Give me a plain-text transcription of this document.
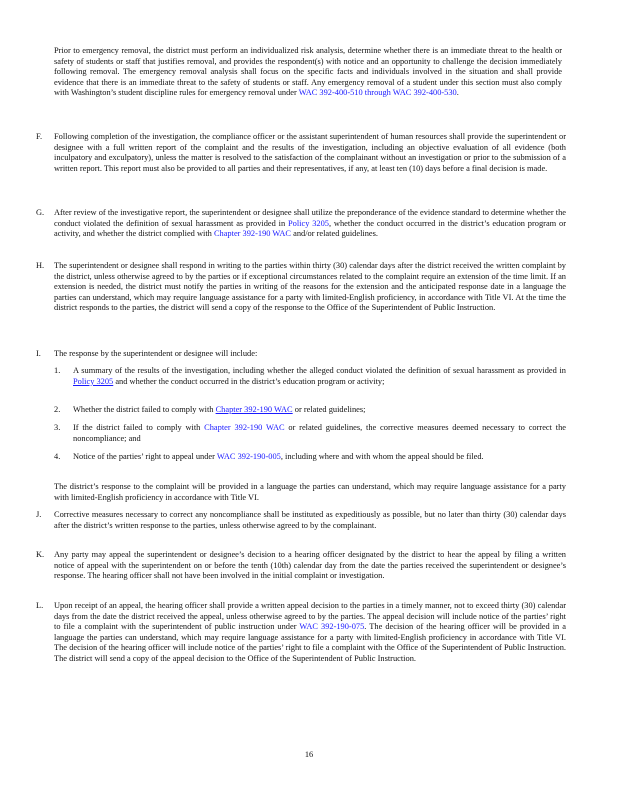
Prior to emergency removal, the district must perform an individualized risk analysis, determine whether there is an immediate threat to the health or safety of students or staff that justifies removal, and provides the respondent(s) with notice and an opportunity to challenge the decision immediately following removal. The emergency removal analysis shall focus on the specific facts and individuals involved in the situation and shall provide evidence that there is an immediate threat to the safety of students or staff. Any emergency removal of a student under this section must also comply with Washington’s student discipline rules for emergency removal under WAC 392-400-510 through WAC 392-400-530.
F.	Following completion of the investigation, the compliance officer or the assistant superintendent of human resources shall provide the superintendent or designee with a full written report of the complaint and the results of the investigation, including an objective evaluation of all evidence (both inculpatory and exculpatory), unless the matter is resolved to the satisfaction of the complainant without an investigation or prior to the submission of a written report. This report must also be provided to all parties and their representatives, if any, at least ten (10) days before a final decision is made.
G.	After review of the investigative report, the superintendent or designee shall utilize the preponderance of the evidence standard to determine whether the conduct violated the definition of sexual harassment as provided in Policy 3205, whether the conduct occurred in the district’s education program or activity, and whether the district complied with Chapter 392-190 WAC and/or related guidelines.
H.	The superintendent or designee shall respond in writing to the parties within thirty (30) calendar days after the district received the written complaint by the district, unless otherwise agreed to by the parties or if exceptional circumstances related to the complaint require an extension of the time limit. If an extension is needed, the district must notify the parties in writing of the reasons for the extension and the anticipated response date in a language the parties can understand, which may require language assistance for a party with limited-English proficiency, in accordance with Title VI. At the time the district responds to the parties, the district will send a copy of the response to the Office of the Superintendent of Public Instruction.
I.	The response by the superintendent or designee will include:
1.	A summary of the results of the investigation, including whether the alleged conduct violated the definition of sexual harassment as provided in Policy 3205 and whether the conduct occurred in the district’s education program or activity;
2.	Whether the district failed to comply with Chapter 392-190 WAC or related guidelines;
3.	If the district failed to comply with Chapter 392-190 WAC or related guidelines, the corrective measures deemed necessary to correct the noncompliance; and
4.	Notice of the parties’ right to appeal under WAC 392-190-005, including where and with whom the appeal should be filed.
The district’s response to the complaint will be provided in a language the parties can understand, which may require language assistance for a party with limited-English proficiency in accordance with Title VI.
J.	Corrective measures necessary to correct any noncompliance shall be instituted as expeditiously as possible, but no later than thirty (30) calendar days after the district’s written response to the parties, unless otherwise agreed to by the complainant.
K.	Any party may appeal the superintendent or designee’s decision to a hearing officer designated by the district to hear the appeal by filing a written notice of appeal with the superintendent on or before the tenth (10th) calendar day from the date the parties received the superintendent or designee’s response. The hearing officer shall not have been involved in the initial complaint or investigation.
L.	Upon receipt of an appeal, the hearing officer shall provide a written appeal decision to the parties in a timely manner, not to exceed thirty (30) calendar days from the date the district received the appeal, unless otherwise agreed to by the parties. The appeal decision will include notice of the parties’ right to file a complaint with the superintendent of public instruction under WAC 392-190-075. The decision of the hearing officer will be provided in a language the parties can understand, which may require language assistance for a party with limited-English proficiency in accordance with Title VI. The decision of the hearing officer will include notice of the parties’ right to file a complaint with the Office of the Superintendent of Public Instruction. The district will send a copy of the appeal decision to the Office of the Superintendent of Public Instruction.
16
